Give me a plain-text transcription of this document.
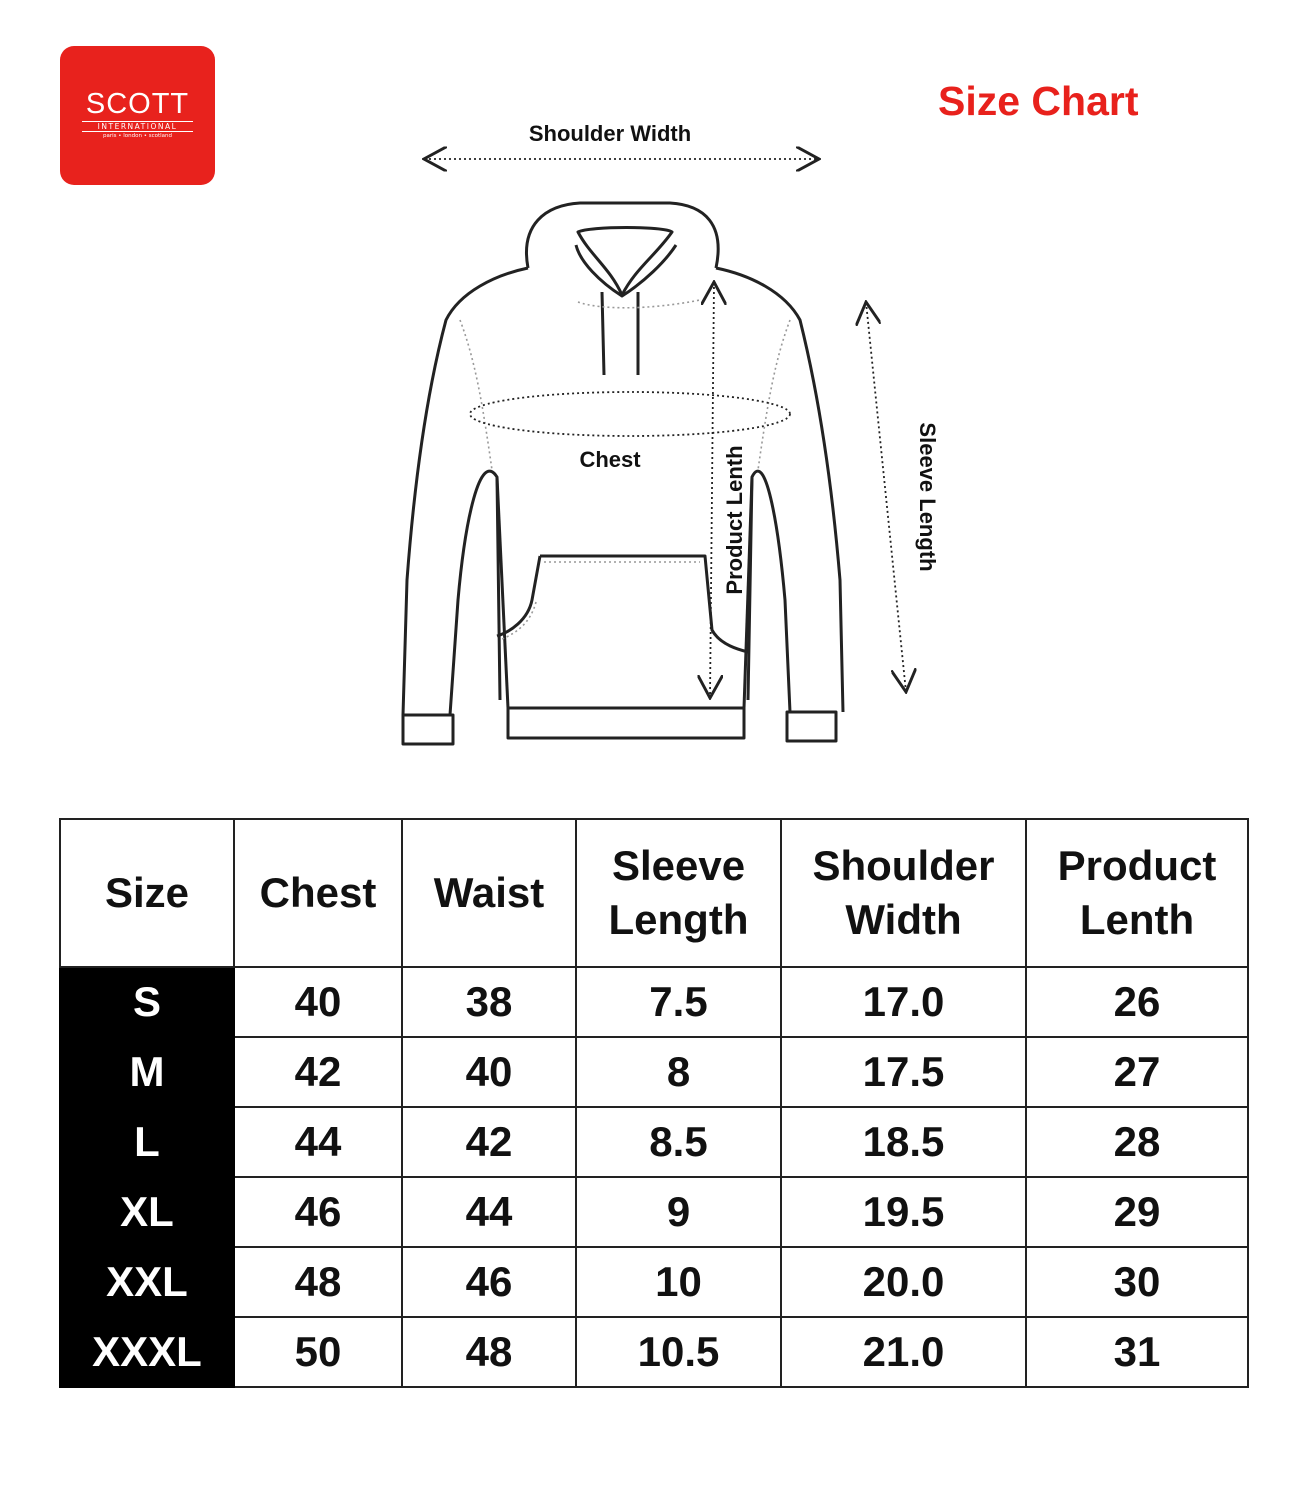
SCOTT
INTERNATIONAL
paris • london • scotland
Size Chart
Shoulder Width
Chest	Product Lenth	Sleeve Length
Size	Chest	Waist	Sleeve Length	Shoulder Width	Product Lenth
S	40	38	7.5	17.0	26
M	42	40	8	17.5	27
L	44	42	8.5	18.5	28
XL	46	44	9	19.5	29
XXL	48	46	10	20.0	30
XXXL	50	48	10.5	21.0	31
